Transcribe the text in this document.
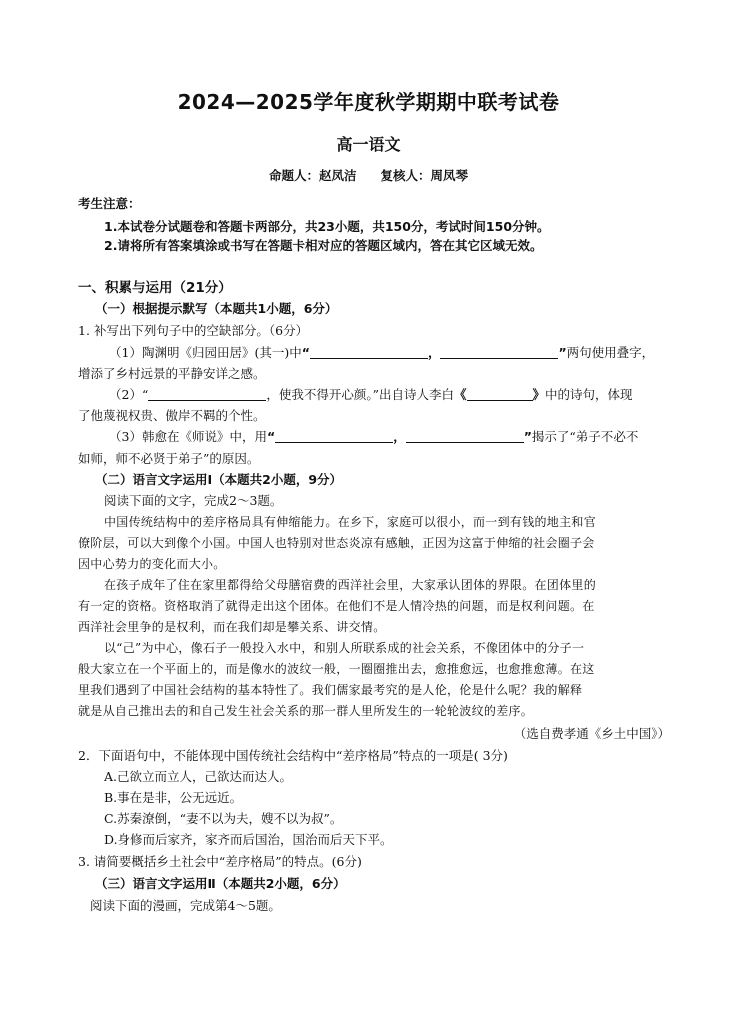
2024—2025学年度秋学期期中联考试卷
高一语文
命题人：赵凤洁 复核人：周凤琴
考生注意：
1.本试卷分试题卷和答题卡两部分，共23小题，共150分，考试时间150分钟。
2.请将所有答案填涂或书写在答题卡相对应的答题区域内，答在其它区域无效。
一、积累与运用（21分）
（一）根据提示默写（本题共1小题，6分）
1. 补写出下列句子中的空缺部分。（6分）
（1）陶渊明《归园田居》(其一)中“	，	”两句使用叠字，
增添了乡村远景的平静安详之感。
（2）“	，使我不得开心颜。”出自诗人李白《	》中的诗句，体现
了他蔑视权贵、傲岸不羁的个性。
（3）韩愈在《师说》中，用“	，	”揭示了“弟子不必不
如师，师不必贤于弟子”的原因。
（二）语言文字运用Ⅰ（本题共2小题，9分）
阅读下面的文字，完成2～3题。
中国传统结构中的差序格局具有伸缩能力。在乡下，家庭可以很小，而一到有钱的地主和官
僚阶层，可以大到像个小国。中国人也特别对世态炎凉有感触，正因为这富于伸缩的社会圈子会
因中心势力的变化而大小。
在孩子成年了住在家里都得给父母膳宿费的西洋社会里，大家承认团体的界限。在团体里的
有一定的资格。资格取消了就得走出这个团体。在他们不是人情冷热的问题，而是权利问题。在
西洋社会里争的是权利，而在我们却是攀关系、讲交情。
以“己”为中心，像石子一般投入水中，和别人所联系成的社会关系，不像团体中的分子一
般大家立在一个平面上的，而是像水的波纹一般，一圈圈推出去，愈推愈远，也愈推愈薄。在这
里我们遇到了中国社会结构的基本特性了。我们儒家最考究的是人伦，伦是什么呢？我的解释
就是从自己推出去的和自己发生社会关系的那一群人里所发生的一轮轮波纹的差序。
（选自费孝通《乡土中国》）
2．下面语句中，不能体现中国传统社会结构中“差序格局”特点的一项是( 3分)
A.己欲立而立人，己欲达而达人。
B.事在是非，公无远近。
C.苏秦潦倒，“妻不以为夫，嫂不以为叔”。
D.身修而后家齐，家齐而后国治，国治而后天下平。
3. 请简要概括乡土社会中“差序格局”的特点。(6分)
（三）语言文字运用Ⅱ（本题共2小题，6分）
阅读下面的漫画，完成第4～5题。
